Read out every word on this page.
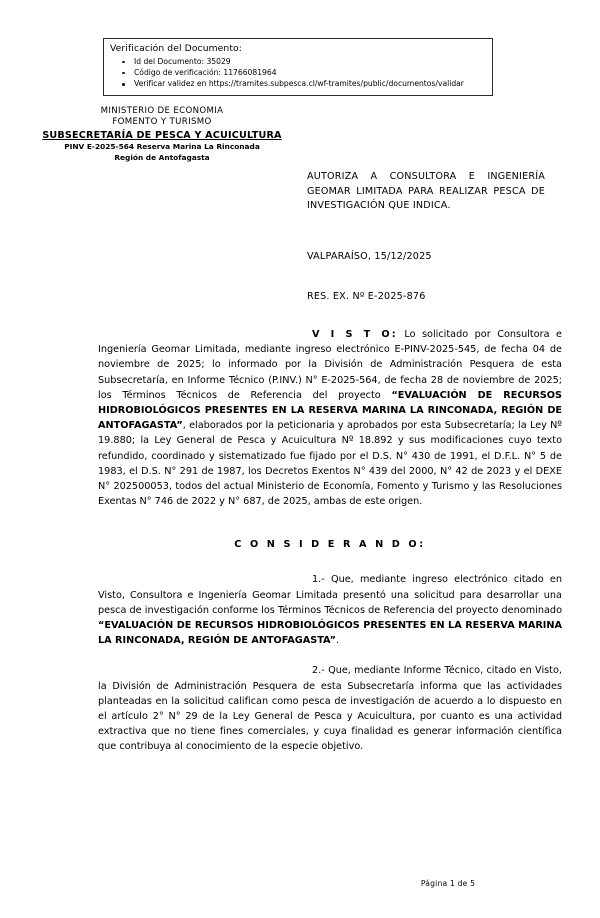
Verificación del Documento:
Id del Documento: 35029
Código de verificación: 11766081964
Verificar validez en https://tramites.subpesca.cl/wf-tramites/public/documentos/validar
MINISTERIO DE ECONOMIA
FOMENTO Y TURISMO
SUBSECRETARÍA DE PESCA Y ACUICULTURA
PINV E-2025-564 Reserva Marina La Rinconada
Región de Antofagasta
AUTORIZA A CONSULTORA E INGENIERÍA GEOMAR LIMITADA PARA REALIZAR PESCA DE INVESTIGACIÓN QUE INDICA.
VALPARAÍSO, 15/12/2025
RES. EX. Nº E-2025-876

V I S T O: Lo solicitado por Consultora e Ingeniería Geomar Limitada, mediante ingreso electrónico E-PINV-2025-545, de fecha 04 de noviembre de 2025; lo informado por la División de Administración Pesquera de esta Subsecretaría, en Informe Técnico (P.INV.) N° E-2025-564, de fecha 28 de noviembre de 2025; los Términos Técnicos de Referencia del proyecto “EVALUACIÓN DE RECURSOS HIDROBIOLÓGICOS PRESENTES EN LA RESERVA MARINA LA RINCONADA, REGIÓN DE ANTOFAGASTA”, elaborados por la peticionaria y aprobados por esta Subsecretaría; la Ley Nº 19.880; la Ley General de Pesca y Acuicultura Nº 18.892 y sus modificaciones cuyo texto refundido, coordinado y sistematizado fue fijado por el D.S. N° 430 de 1991, el D.F.L. N° 5 de 1983, el D.S. N° 291 de 1987, los Decretos Exentos N° 439 del 2000, N° 42 de 2023 y el DEXE N° 202500053, todos del actual Ministerio de Economía, Fomento y Turismo y las Resoluciones Exentas N° 746 de 2022 y N° 687, de 2025, ambas de este origen.

C O N S I D E R A N D O:

1.- Que, mediante ingreso electrónico citado en Visto, Consultora e Ingeniería Geomar Limitada presentó una solicitud para desarrollar una pesca de investigación conforme los Términos Técnicos de Referencia del proyecto denominado “EVALUACIÓN DE RECURSOS HIDROBIOLÓGICOS PRESENTES EN LA RESERVA MARINA LA RINCONADA, REGIÓN DE ANTOFAGASTA”.

2.- Que, mediante Informe Técnico, citado en Visto, la División de Administración Pesquera de esta Subsecretaría informa que las actividades planteadas en la solicitud califican como pesca de investigación de acuerdo a lo dispuesto en el artículo 2° N° 29 de la Ley General de Pesca y Acuicultura, por cuanto es una actividad extractiva que no tiene fines comerciales, y cuya finalidad es generar información científica que contribuya al conocimiento de la especie objetivo.

Página 1 de 5
